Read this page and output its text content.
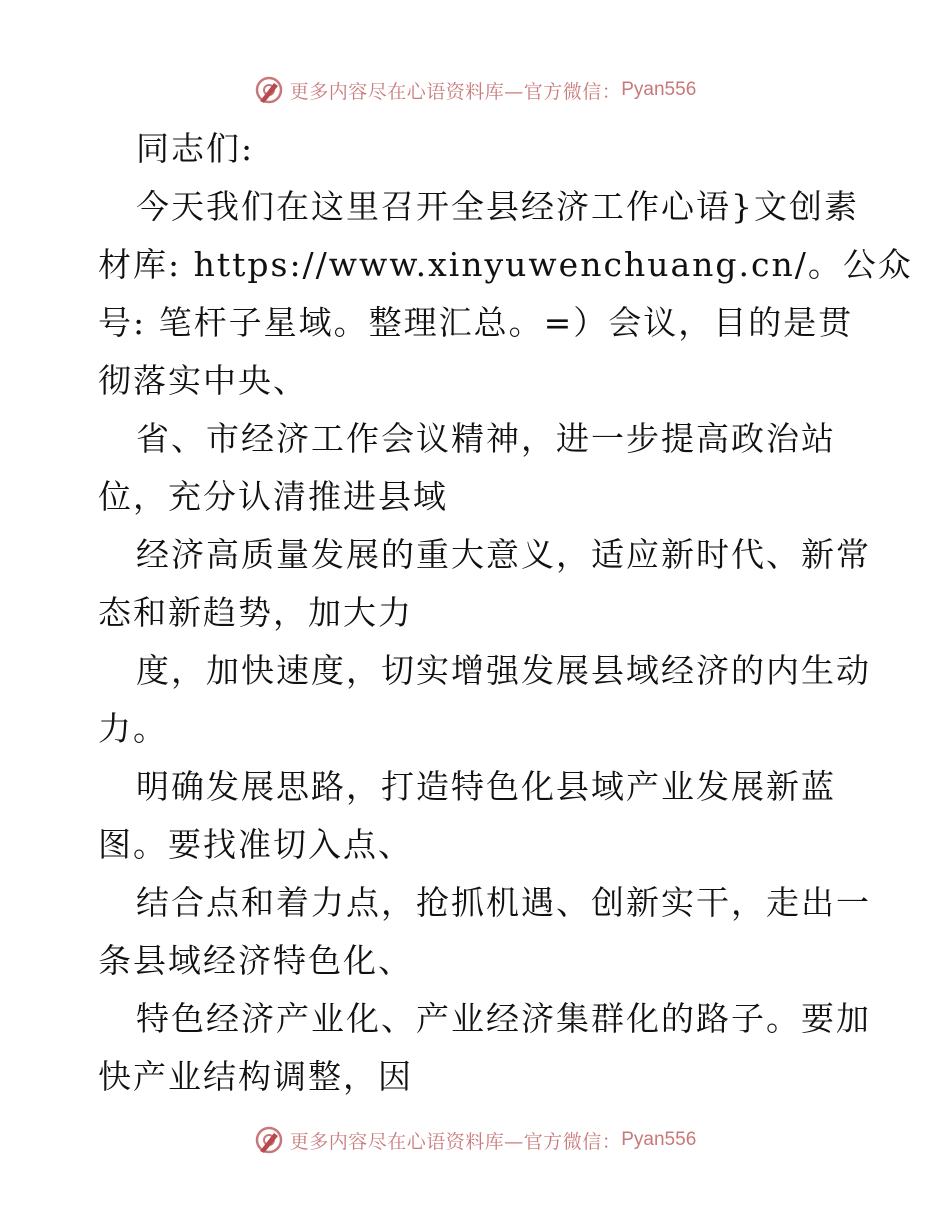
更多内容尽在心语资料库—官方微信： Pyan556
同志们:
今天我们在这里召开全县经济工作心语}文创素
材库: https://www.xinyuwenchuang.cn/。公众
号: 笔杆子星域。整理汇总。=）会议，目的是贯
彻落实中央、
省、市经济工作会议精神，进一步提高政治站
位，充分认清推进县域
经济高质量发展的重大意义，适应新时代、新常
态和新趋势，加大力
度，加快速度，切实增强发展县域经济的内生动
力。
明确发展思路，打造特色化县域产业发展新蓝
图。要找准切入点、
结合点和着力点，抢抓机遇、创新实干，走出一
条县域经济特色化、
特色经济产业化、产业经济集群化的路子。要加
快产业结构调整，因
更多内容尽在心语资料库—官方微信： Pyan556
